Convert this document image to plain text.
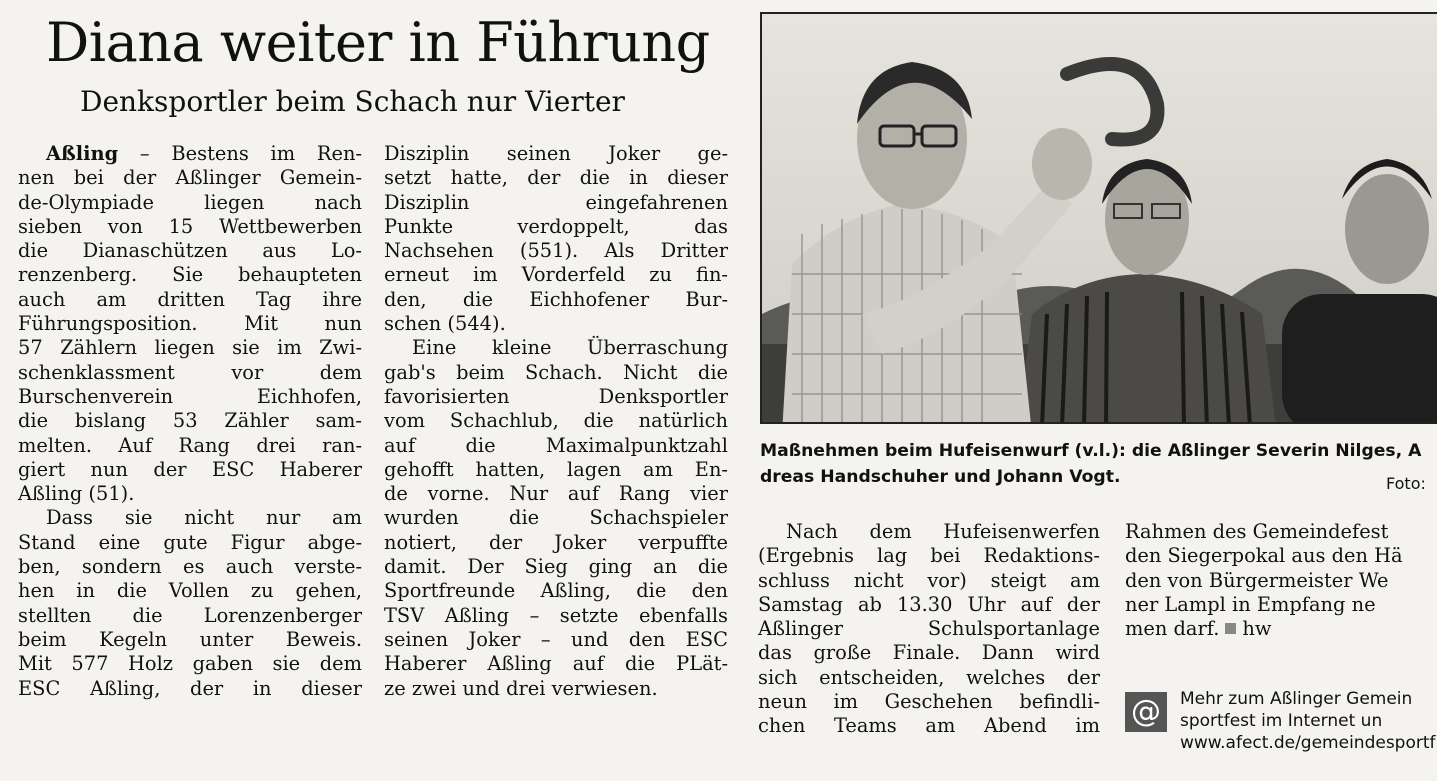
Diana weiter in Führung
Denksportler beim Schach nur Vierter

Aßling – Bestens im Ren-

nen bei der Aßlinger Gemein-

de-Olympiade liegen nach

sieben von 15 Wettbewerben

die Dianaschützen aus Lo-

renzenberg. Sie behaupteten

auch am dritten Tag ihre

Führungsposition. Mit nun

57 Zählern liegen sie im Zwi-

schenklassment vor dem

Burschenverein Eichhofen,

die bislang 53 Zähler sam-

melten. Auf Rang drei ran-

giert nun der ESC Haberer

Aßling (51).

Dass sie nicht nur am

Stand eine gute Figur abge-

ben, sondern es auch verste-

hen in die Vollen zu gehen,

stellten die Lorenzenberger

beim Kegeln unter Beweis.

Mit 577 Holz gaben sie dem

ESC Aßling, der in dieser

Disziplin seinen Joker ge-

setzt hatte, der die in dieser

Disziplin eingefahrenen

Punkte verdoppelt, das

Nachsehen (551). Als Dritter

erneut im Vorderfeld zu fin-

den, die Eichhofener Bur-

schen (544).

Eine kleine Überraschung

gab's beim Schach. Nicht die

favorisierten Denksportler

vom Schachlub, die natürlich

auf die Maximalpunktzahl

gehofft hatten, lagen am En-

de vorne. Nur auf Rang vier

wurden die Schachspieler

notiert, der Joker verpuffte

damit. Der Sieg ging an die

Sportfreunde Aßling, die den

TSV Aßling – setzte ebenfalls

seinen Joker – und den ESC

Haberer Aßling auf die PLät-

ze zwei und drei verwiesen.

Maßnehmen beim Hufeisenwurf (v.l.): die Aßlinger Severin Nilges, A
dreas Handschuher und Johann Vogt.	Foto:

Nach dem Hufeisenwerfen

(Ergebnis lag bei Redaktions-

schluss nicht vor) steigt am

Samstag ab 13.30 Uhr auf der

Aßlinger Schulsportanlage

das große Finale. Dann wird

sich entscheiden, welches der

neun im Geschehen befindli-

chen Teams am Abend im

Rahmen des Gemeindefest

den Siegerpokal aus den Hä

den von Bürgermeister We

ner Lampl in Empfang ne

men darf. hw

@	Mehr zum Aßlinger Gemein
sportfest im Internet un
www.afect.de/gemeindesportf
